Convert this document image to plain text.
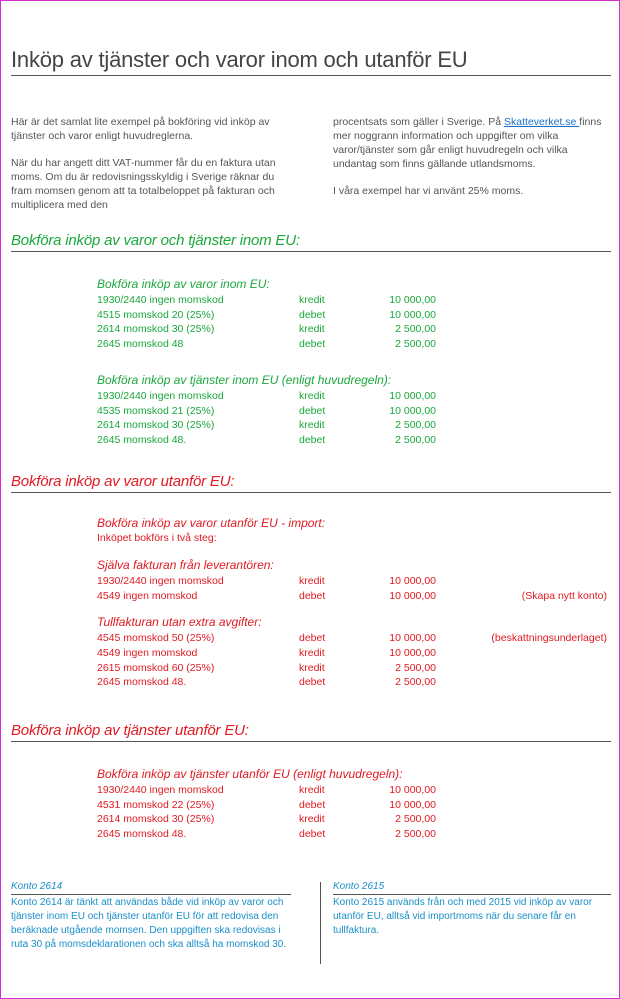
Inköp av tjänster och varor inom och utanför EU

Här är det samlat lite exempel på bokföring vid inköp av tjänster och varor enligt huvudreglerna.

När du har angett ditt VAT-nummer får du en faktura utan moms. Om du är redovisningsskyldig i Sverige räknar du fram momsen genom att ta totalbeloppet på fakturan och multiplicera med den

procentsats som gäller i Sverige. På Skatteverket.se finns mer noggrann information och uppgifter om vilka varor/tjänster som går enligt huvudregeln och vilka undantag som finns gällande utlandsmoms.

I våra exempel har vi använt 25% moms.

Bokföra inköp av varor och tjänster inom EU:
Bokföra inköp av varor inom EU:
1930/2440 ingen momskod	kredit	10 000,00
4515 momskod 20 (25%)	debet	10 000,00
2614 momskod 30 (25%)	kredit	2 500,00
2645 momskod 48	debet	2 500,00
Bokföra inköp av tjänster inom EU (enligt huvudregeln):
1930/2440 ingen momskod	kredit	10 000,00
4535 momskod 21 (25%)	debet	10 000,00
2614 momskod 30 (25%)	kredit	2 500,00
2645 momskod 48.	debet	2 500,00
Bokföra inköp av varor utanför EU:
Bokföra inköp av varor utanför EU - import:
Inköpet bokförs i två steg:
Själva fakturan från leverantören:
1930/2440 ingen momskod	kredit	10 000,00
4549 ingen momskod	debet	10 000,00	(Skapa nytt konto)
Tullfakturan utan extra avgifter:
4545 momskod 50 (25%)	debet	10 000,00	(beskattningsunderlaget)
4549 ingen momskod	kredit	10 000,00
2615 momskod 60 (25%)	kredit	2 500,00
2645 momskod 48.	debet	2 500,00
Bokföra inköp av tjänster utanför EU:
Bokföra inköp av tjänster utanför EU (enligt huvudregeln):
1930/2440 ingen momskod	kredit	10 000,00
4531 momskod 22 (25%)	debet	10 000,00
2614 momskod 30 (25%)	kredit	2 500,00
2645 momskod 48.	debet	2 500,00
Konto 2614
Konto 2614 är tänkt att användas både vid inköp av varor och tjänster inom EU och tjänster utanför EU för att redovisa den beräknade utgående momsen. Den uppgiften ska redovisas i ruta 30 på momsdeklarationen och ska alltså ha momskod 30.
Konto 2615
Konto 2615 används från och med 2015 vid inköp av varor utanför EU, alltså vid importmoms när du senare får en tullfaktura.
